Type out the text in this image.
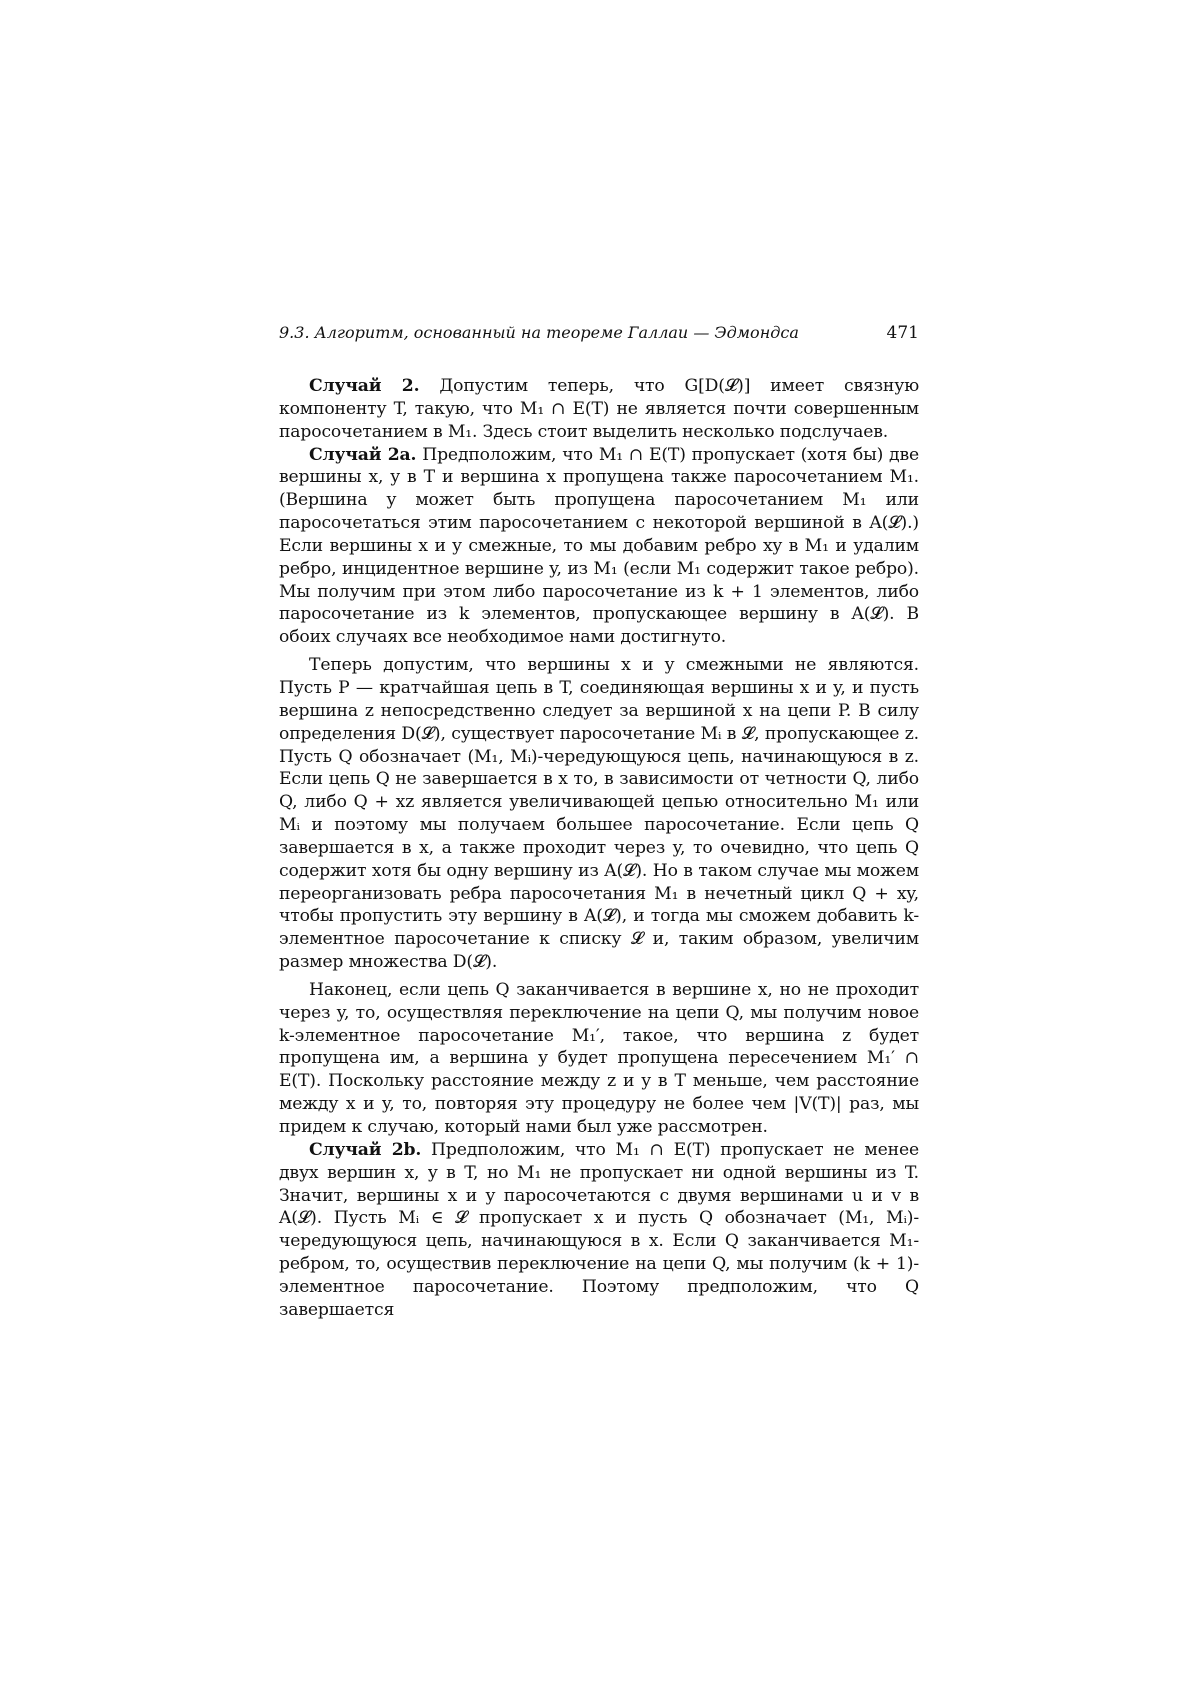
9.3. Алгоритм, основанный на теореме Галлаи — Эдмондса	471

Случай 2. Допустим теперь, что G[D(𝓛)] имеет связную компоненту T, такую, что M₁ ∩ E(T) не является почти совершенным паросочетанием в M₁. Здесь стоит выделить несколько подслучаев.

Случай 2а. Предположим, что M₁ ∩ E(T) пропускает (хотя бы) две вершины x, y в T и вершина x пропущена также паросочетанием M₁. (Вершина y может быть пропущена паросочетанием M₁ или паросочетаться этим паросочетанием с некоторой вершиной в A(𝓛).) Если вершины x и y смежные, то мы добавим ребро xy в M₁ и удалим ребро, инцидентное вершине y, из M₁ (если M₁ содержит такое ребро). Мы получим при этом либо паросочетание из k + 1 элементов, либо паросочетание из k элементов, пропускающее вершину в A(𝓛). В обоих случаях все необходимое нами достигнуто.

Теперь допустим, что вершины x и y смежными не являются. Пусть P — кратчайшая цепь в T, соединяющая вершины x и y, и пусть вершина z непосредственно следует за вершиной x на цепи P. В силу определения D(𝓛), существует паросочетание Mᵢ в 𝓛, пропускающее z. Пусть Q обозначает (M₁, Mᵢ)-чередующуюся цепь, начинающуюся в z. Если цепь Q не завершается в x то, в зависимости от четности Q, либо Q, либо Q + xz является увеличивающей цепью относительно M₁ или Mᵢ и поэтому мы получаем большее паросочетание. Если цепь Q завершается в x, а также проходит через y, то очевидно, что цепь Q содержит хотя бы одну вершину из A(𝓛). Но в таком случае мы можем переорганизовать ребра паросочетания M₁ в нечетный цикл Q + xy, чтобы пропустить эту вершину в A(𝓛), и тогда мы сможем добавить k-элементное паросочетание к списку 𝓛 и, таким образом, увеличим размер множества D(𝓛).

Наконец, если цепь Q заканчивается в вершине x, но не проходит через y, то, осуществляя переключение на цепи Q, мы получим новое k-элементное паросочетание M₁′, такое, что вершина z будет пропущена им, а вершина y будет пропущена пересечением M₁′ ∩ E(T). Поскольку расстояние между z и y в T меньше, чем расстояние между x и y, то, повторяя эту процедуру не более чем |V(T)| раз, мы придем к случаю, который нами был уже рассмотрен.

Случай 2b. Предположим, что M₁ ∩ E(T) пропускает не менее двух вершин x, y в T, но M₁ не пропускает ни одной вершины из T. Значит, вершины x и y паросочетаются с двумя вершинами u и v в A(𝓛). Пусть Mᵢ ∈ 𝓛 пропускает x и пусть Q обозначает (M₁, Mᵢ)-чередующуюся цепь, начинающуюся в x. Если Q заканчивается M₁-ребром, то, осуществив переключение на цепи Q, мы получим (k + 1)-элементное паросочетание. Поэтому предположим, что Q завершается
